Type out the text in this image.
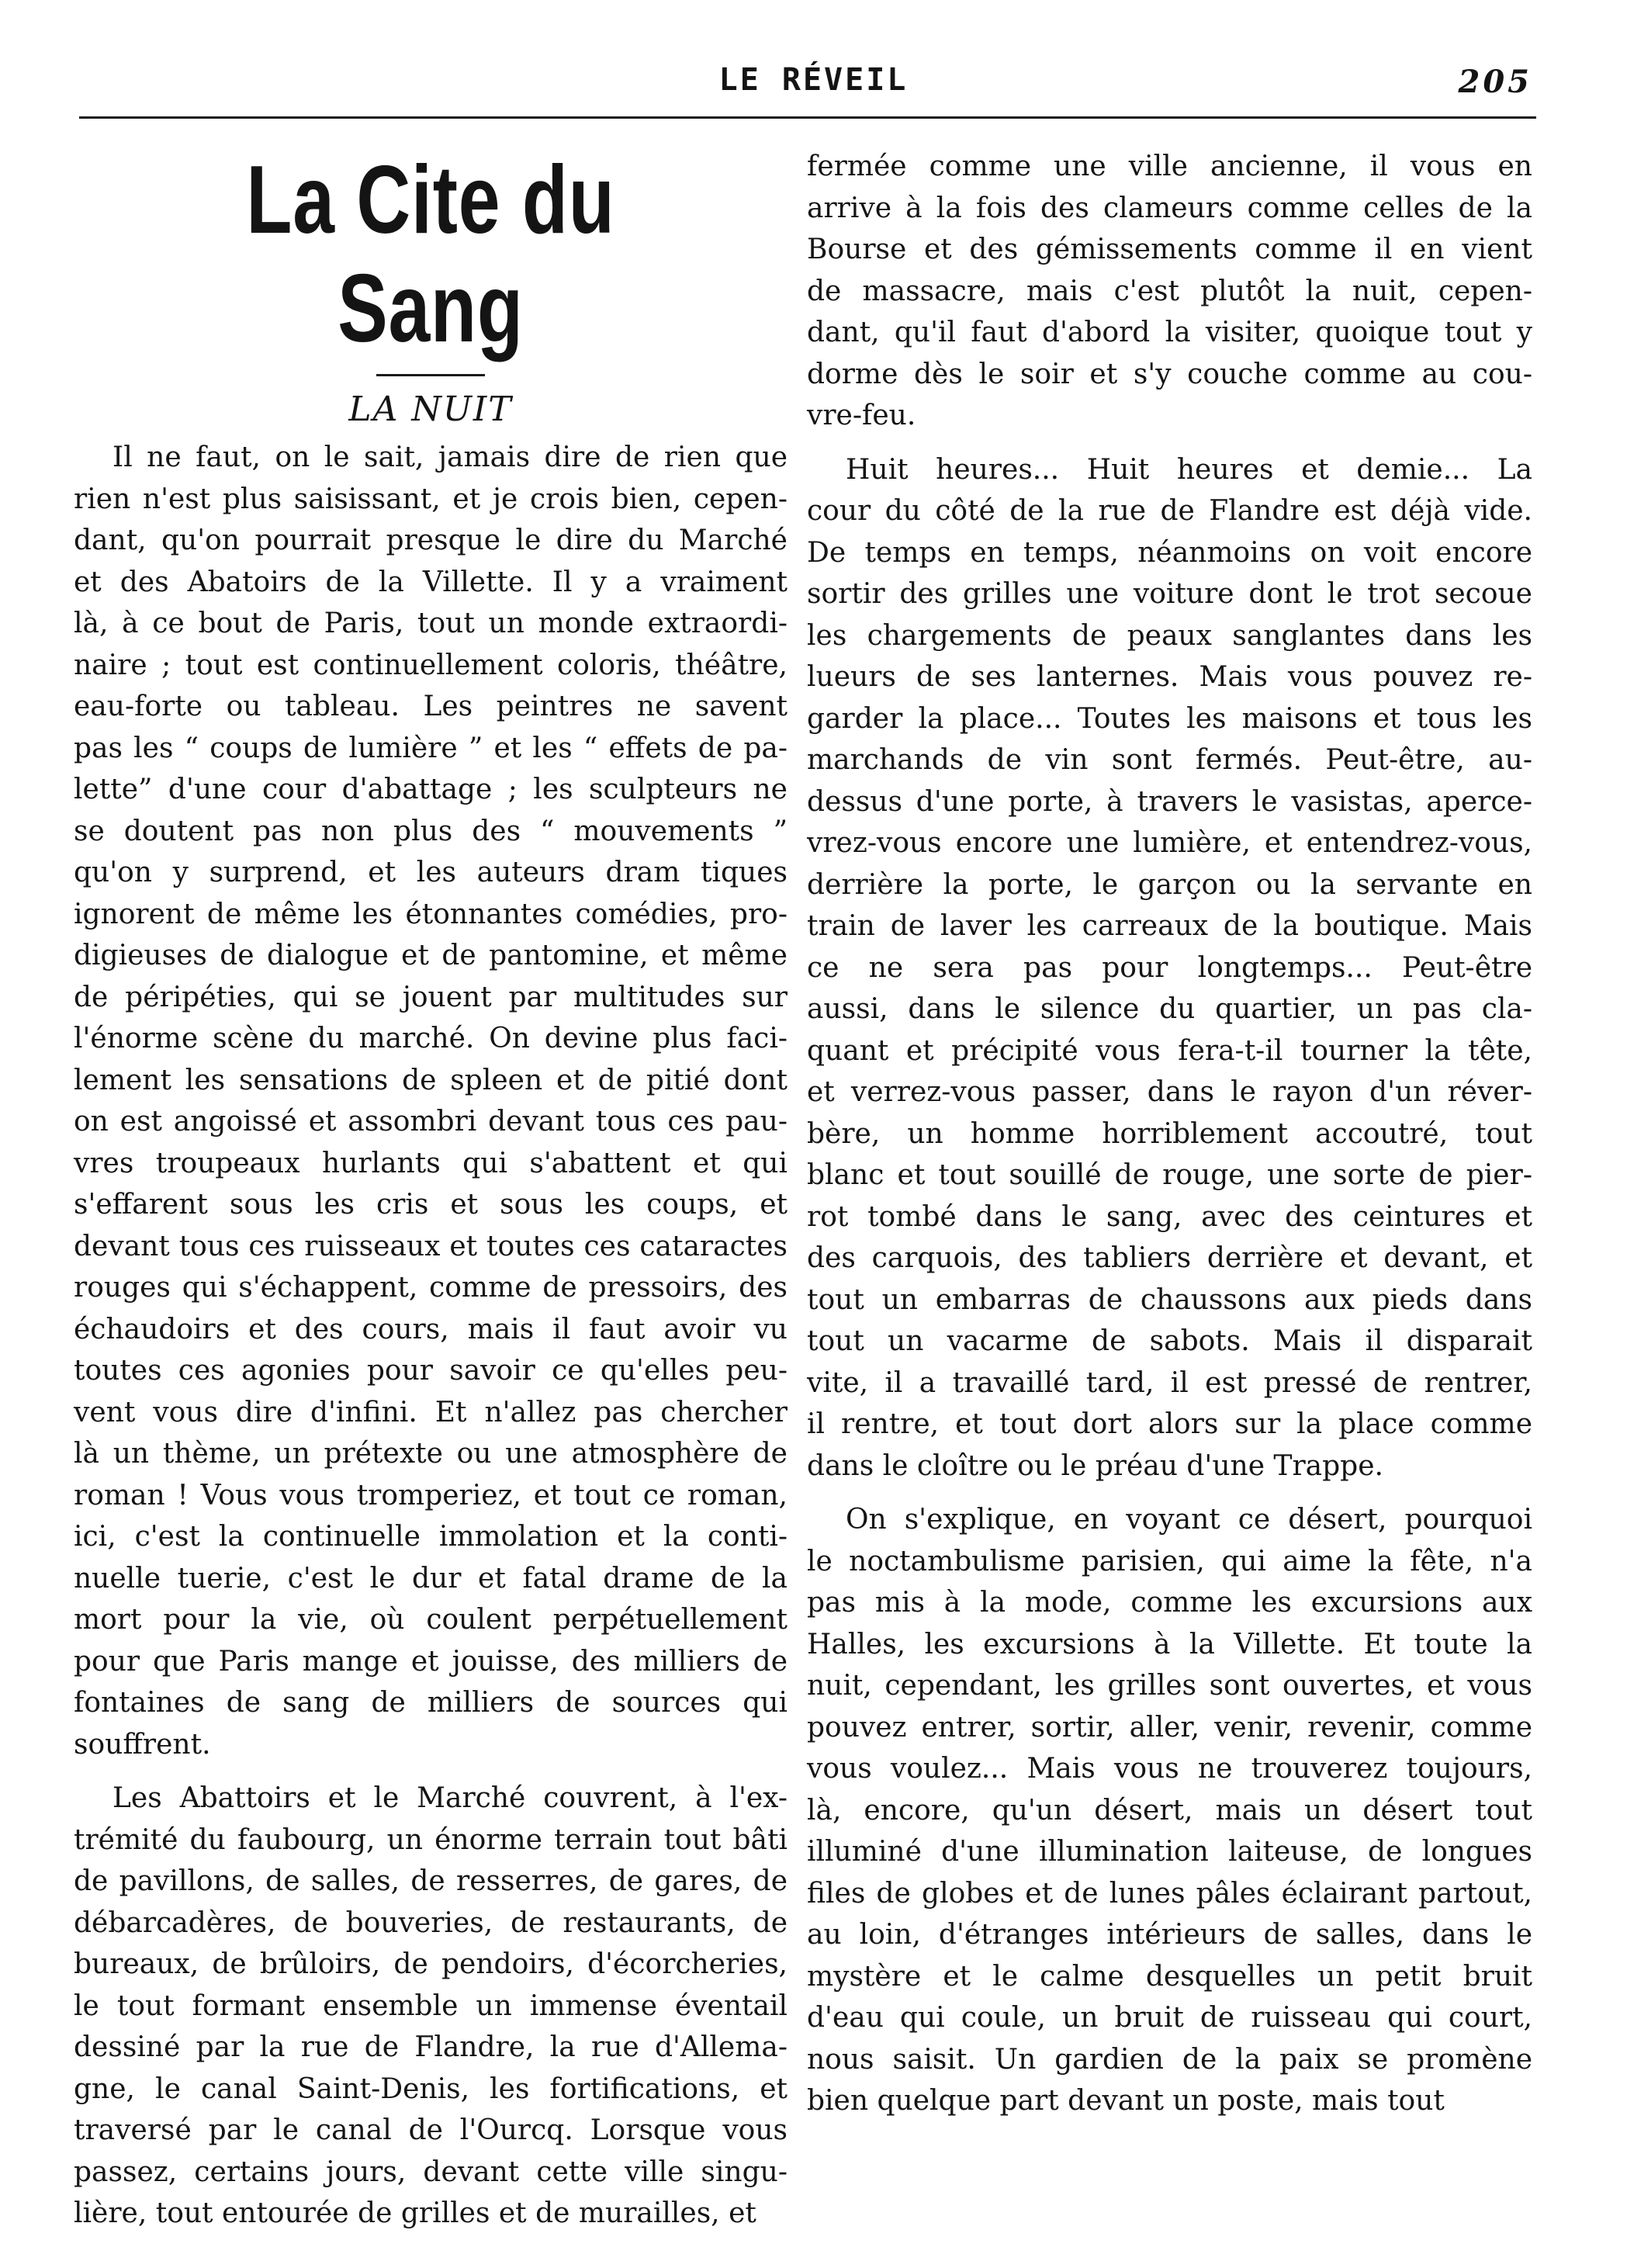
LE RÉVEIL	205
La Cite du Sang
LA NUIT
Il ne faut, on le sait, jamais dire de rien que
rien n'est plus saisissant, et je crois bien, cepen-
dant, qu'on pourrait presque le dire du Marché
et des Abatoirs de la Villette. Il y a vraiment
là, à ce bout de Paris, tout un monde extraordi-
naire ; tout est continuellement coloris, théâtre,
eau-forte ou tableau. Les peintres ne savent
pas les “ coups de lumière ” et les “ effets de pa-
lette” d'une cour d'abattage ; les sculpteurs ne
se doutent pas non plus des “ mouvements ”
qu'on y surprend, et les auteurs dram tiques
ignorent de même les étonnantes comédies, pro-
digieuses de dialogue et de pantomine, et même
de péripéties, qui se jouent par multitudes sur
l'énorme scène du marché. On devine plus faci-
lement les sensations de spleen et de pitié dont
on est angoissé et assombri devant tous ces pau-
vres troupeaux hurlants qui s'abattent et qui
s'effarent sous les cris et sous les coups, et
devant tous ces ruisseaux et toutes ces cataractes
rouges qui s'échappent, comme de pressoirs, des
échaudoirs et des cours, mais il faut avoir vu
toutes ces agonies pour savoir ce qu'elles peu-
vent vous dire d'infini. Et n'allez pas chercher
là un thème, un prétexte ou une atmosphère de
roman ! Vous vous tromperiez, et tout ce roman,
ici, c'est la continuelle immolation et la conti-
nuelle tuerie, c'est le dur et fatal drame de la
mort pour la vie, où coulent perpétuellement
pour que Paris mange et jouisse, des milliers de
fontaines de sang de milliers de sources qui
souffrent.
Les Abattoirs et le Marché couvrent, à l'ex-
trémité du faubourg, un énorme terrain tout bâti
de pavillons, de salles, de resserres, de gares, de
débarcadères, de bouveries, de restaurants, de
bureaux, de brûloirs, de pendoirs, d'écorcheries,
le tout formant ensemble un immense éventail
dessiné par la rue de Flandre, la rue d'Allema-
gne, le canal Saint-Denis, les fortifications, et
traversé par le canal de l'Ourcq. Lorsque vous
passez, certains jours, devant cette ville singu-
lière, tout entourée de grilles et de murailles, et
fermée comme une ville ancienne, il vous en
arrive à la fois des clameurs comme celles de la
Bourse et des gémissements comme il en vient
de massacre, mais c'est plutôt la nuit, cepen-
dant, qu'il faut d'abord la visiter, quoique tout y
dorme dès le soir et s'y couche comme au cou-
vre-feu.
Huit heures... Huit heures et demie... La
cour du côté de la rue de Flandre est déjà vide.
De temps en temps, néanmoins on voit encore
sortir des grilles une voiture dont le trot secoue
les chargements de peaux sanglantes dans les
lueurs de ses lanternes. Mais vous pouvez re-
garder la place... Toutes les maisons et tous les
marchands de vin sont fermés. Peut-être, au-
dessus d'une porte, à travers le vasistas, aperce-
vrez-vous encore une lumière, et entendrez-vous,
derrière la porte, le garçon ou la servante en
train de laver les carreaux de la boutique. Mais
ce ne sera pas pour longtemps... Peut-être
aussi, dans le silence du quartier, un pas cla-
quant et précipité vous fera-t-il tourner la tête,
et verrez-vous passer, dans le rayon d'un réver-
bère, un homme horriblement accoutré, tout
blanc et tout souillé de rouge, une sorte de pier-
rot tombé dans le sang, avec des ceintures et
des carquois, des tabliers derrière et devant, et
tout un embarras de chaussons aux pieds dans
tout un vacarme de sabots. Mais il disparait
vite, il a travaillé tard, il est pressé de rentrer,
il rentre, et tout dort alors sur la place comme
dans le cloître ou le préau d'une Trappe.
On s'explique, en voyant ce désert, pourquoi
le noctambulisme parisien, qui aime la fête, n'a
pas mis à la mode, comme les excursions aux
Halles, les excursions à la Villette. Et toute la
nuit, cependant, les grilles sont ouvertes, et vous
pouvez entrer, sortir, aller, venir, revenir, comme
vous voulez... Mais vous ne trouverez toujours,
là, encore, qu'un désert, mais un désert tout
illuminé d'une illumination laiteuse, de longues
files de globes et de lunes pâles éclairant partout,
au loin, d'étranges intérieurs de salles, dans le
mystère et le calme desquelles un petit bruit
d'eau qui coule, un bruit de ruisseau qui court,
nous saisit. Un gardien de la paix se promène
bien quelque part devant un poste, mais tout
